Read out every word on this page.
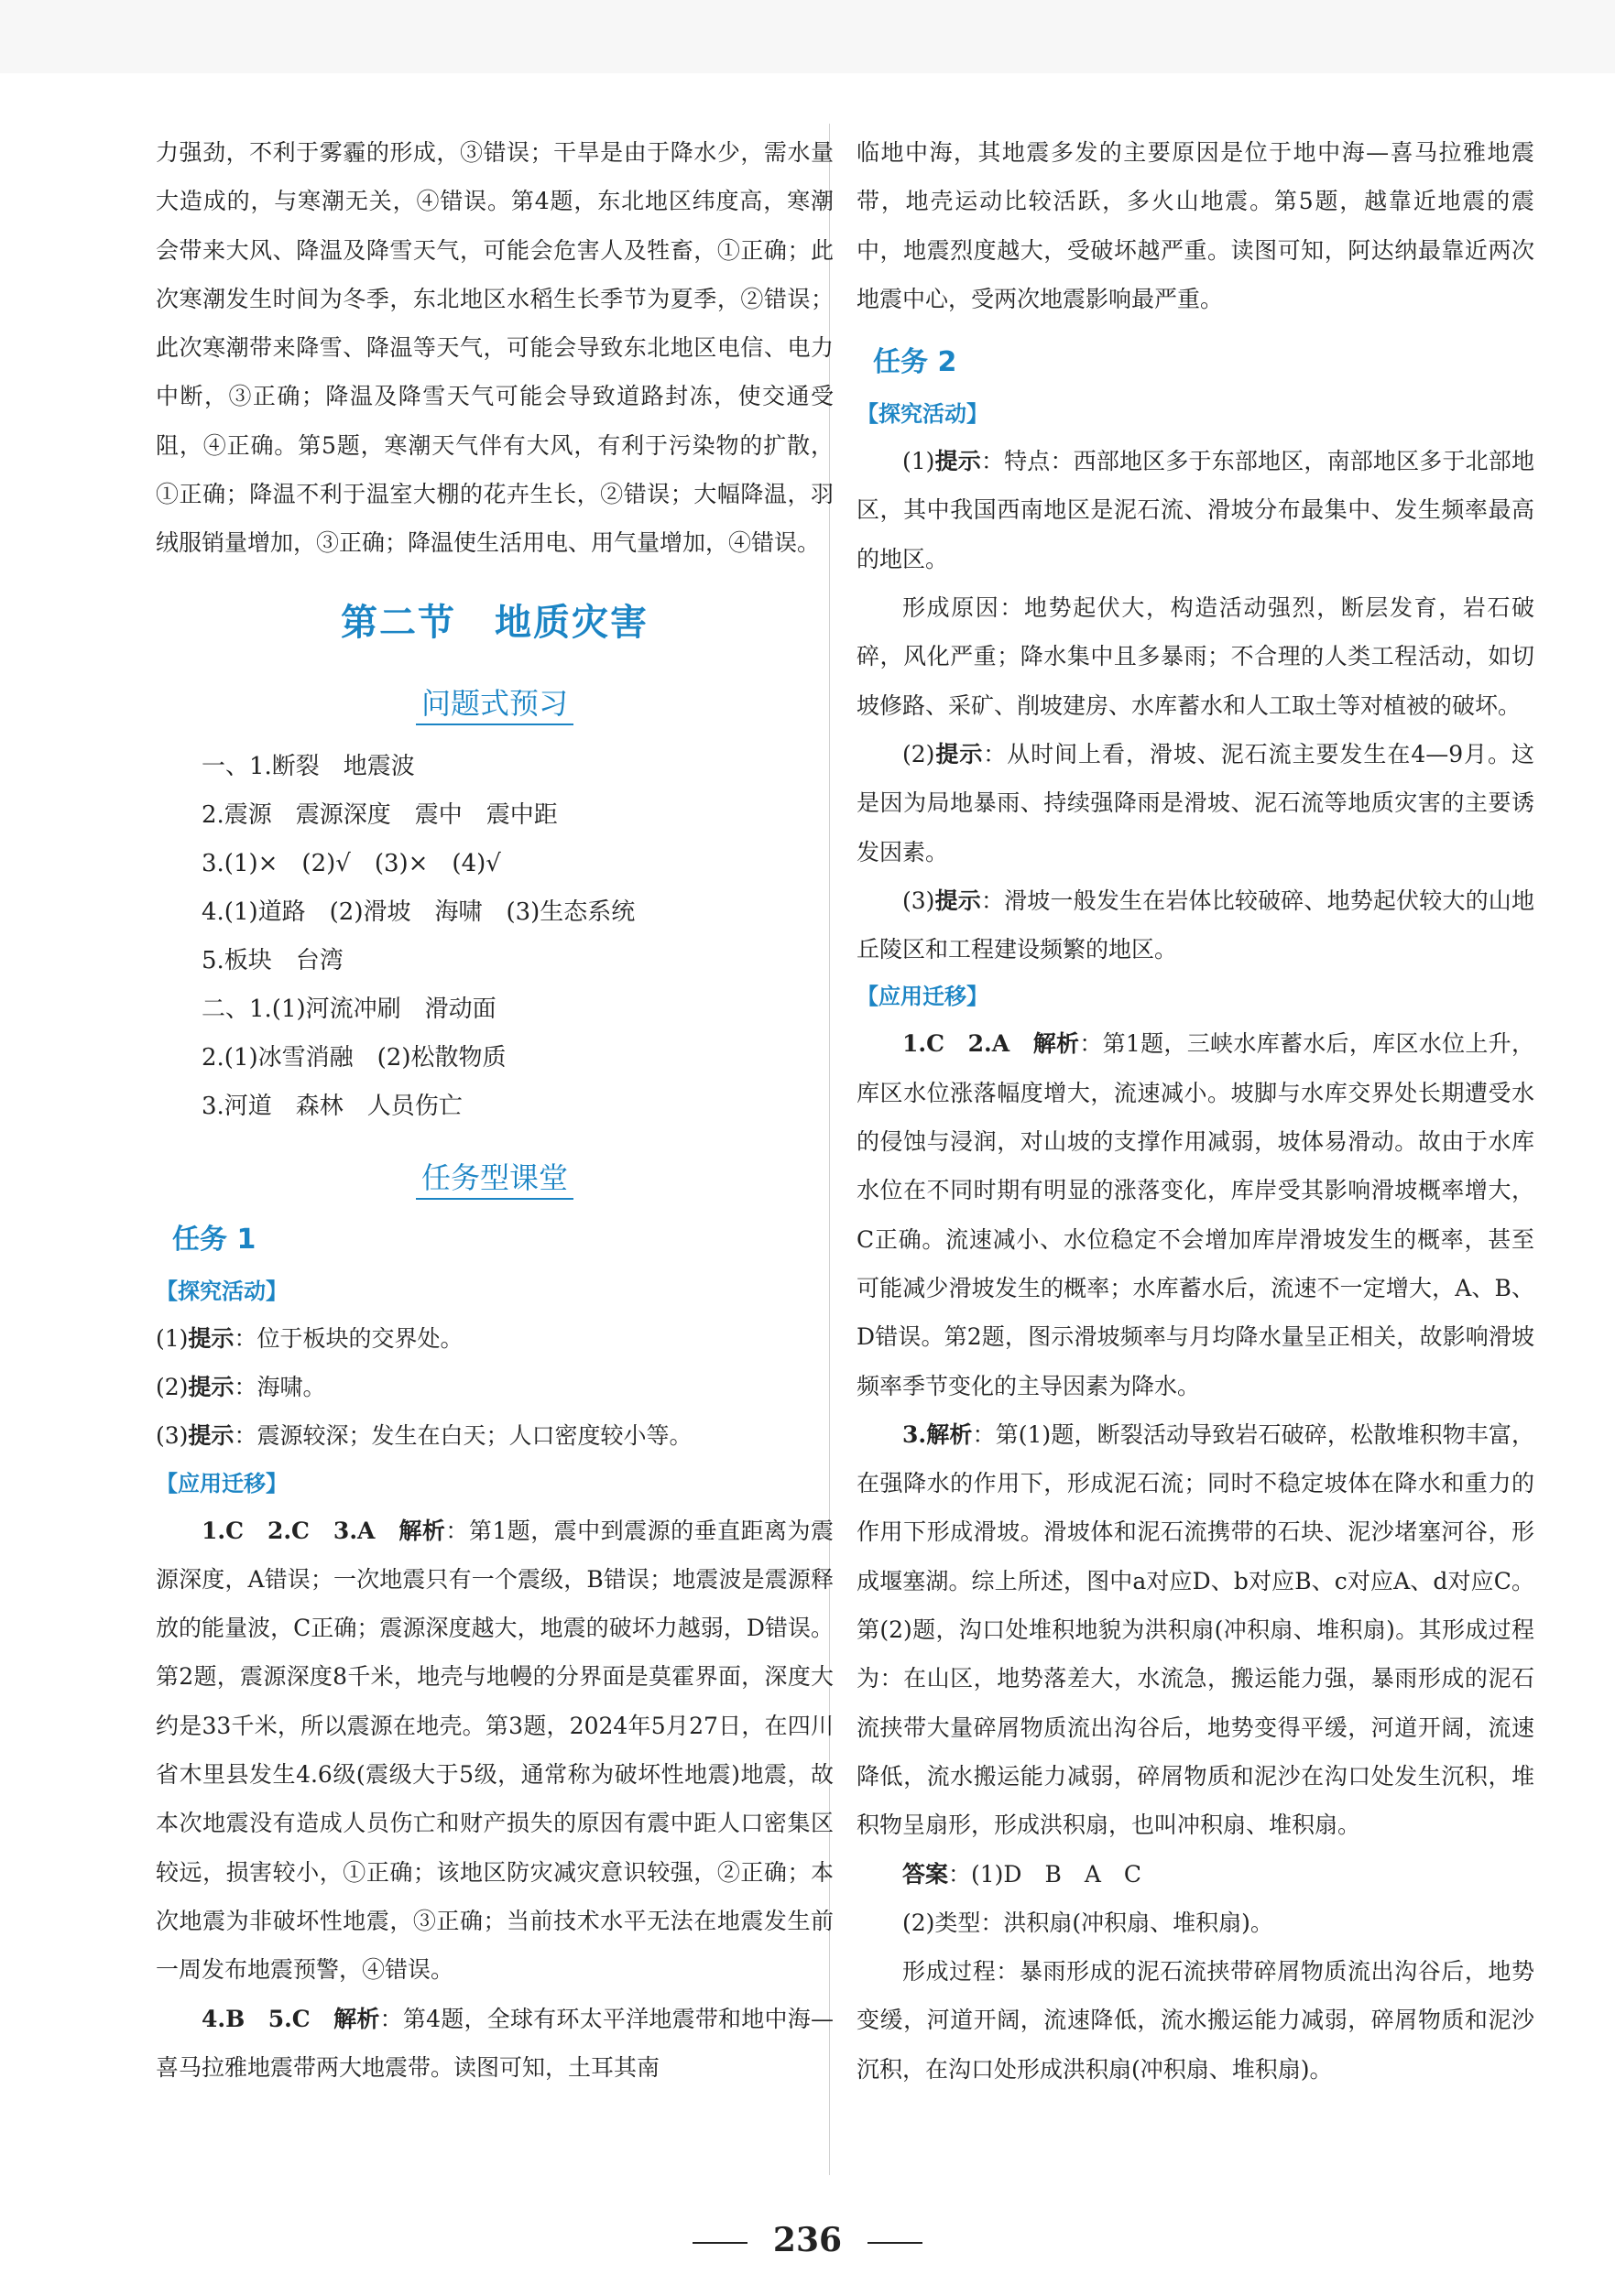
力强劲，不利于雾霾的形成，③错误；干旱是由于降水少，需水量大造成的，与寒潮无关，④错误。第4题，东北地区纬度高，寒潮会带来大风、降温及降雪天气，可能会危害人及牲畜，①正确；此次寒潮发生时间为冬季，东北地区水稻生长季节为夏季，②错误；此次寒潮带来降雪、降温等天气，可能会导致东北地区电信、电力中断，③正确；降温及降雪天气可能会导致道路封冻，使交通受阻，④正确。第5题，寒潮天气伴有大风，有利于污染物的扩散，①正确；降温不利于温室大棚的花卉生长，②错误；大幅降温，羽绒服销量增加，③正确；降温使生活用电、用气量增加，④错误。

第二节　地质灾害
问题式预习

一、1.断裂　地震波

2.震源　震源深度　震中　震中距

3.(1)×　(2)√　(3)×　(4)√

4.(1)道路　(2)滑坡　海啸　(3)生态系统

5.板块　台湾

二、1.(1)河流冲刷　滑动面

2.(1)冰雪消融　(2)松散物质

3.河道　森林　人员伤亡

任务型课堂
任务 1
【探究活动】

(1)提示：位于板块的交界处。

(2)提示：海啸。

(3)提示：震源较深；发生在白天；人口密度较小等。

【应用迁移】

1.C　2.C　3.A　解析：第1题，震中到震源的垂直距离为震源深度，A错误；一次地震只有一个震级，B错误；地震波是震源释放的能量波，C正确；震源深度越大，地震的破坏力越弱，D错误。第2题，震源深度8千米，地壳与地幔的分界面是莫霍界面，深度大约是33千米，所以震源在地壳。第3题，2024年5月27日，在四川省木里县发生4.6级(震级大于5级，通常称为破坏性地震)地震，故本次地震没有造成人员伤亡和财产损失的原因有震中距人口密集区较远，损害较小，①正确；该地区防灾减灾意识较强，②正确；本次地震为非破坏性地震，③正确；当前技术水平无法在地震发生前一周发布地震预警，④错误。

4.B　5.C　解析：第4题，全球有环太平洋地震带和地中海—喜马拉雅地震带两大地震带。读图可知，土耳其南

临地中海，其地震多发的主要原因是位于地中海—喜马拉雅地震带，地壳运动比较活跃，多火山地震。第5题，越靠近地震的震中，地震烈度越大，受破坏越严重。读图可知，阿达纳最靠近两次地震中心，受两次地震影响最严重。

任务 2
【探究活动】

(1)提示：特点：西部地区多于东部地区，南部地区多于北部地区，其中我国西南地区是泥石流、滑坡分布最集中、发生频率最高的地区。

形成原因：地势起伏大，构造活动强烈，断层发育，岩石破碎，风化严重；降水集中且多暴雨；不合理的人类工程活动，如切坡修路、采矿、削坡建房、水库蓄水和人工取土等对植被的破坏。

(2)提示：从时间上看，滑坡、泥石流主要发生在4—9月。这是因为局地暴雨、持续强降雨是滑坡、泥石流等地质灾害的主要诱发因素。

(3)提示：滑坡一般发生在岩体比较破碎、地势起伏较大的山地丘陵区和工程建设频繁的地区。

【应用迁移】

1.C　2.A　解析：第1题，三峡水库蓄水后，库区水位上升，库区水位涨落幅度增大，流速减小。坡脚与水库交界处长期遭受水的侵蚀与浸润，对山坡的支撑作用减弱，坡体易滑动。故由于水库水位在不同时期有明显的涨落变化，库岸受其影响滑坡概率增大，C正确。流速减小、水位稳定不会增加库岸滑坡发生的概率，甚至可能减少滑坡发生的概率；水库蓄水后，流速不一定增大，A、B、D错误。第2题，图示滑坡频率与月均降水量呈正相关，故影响滑坡频率季节变化的主导因素为降水。

3.解析：第(1)题，断裂活动导致岩石破碎，松散堆积物丰富，在强降水的作用下，形成泥石流；同时不稳定坡体在降水和重力的作用下形成滑坡。滑坡体和泥石流携带的石块、泥沙堵塞河谷，形成堰塞湖。综上所述，图中a对应D、b对应B、c对应A、d对应C。第(2)题，沟口处堆积地貌为洪积扇(冲积扇、堆积扇)。其形成过程为：在山区，地势落差大，水流急，搬运能力强，暴雨形成的泥石流挟带大量碎屑物质流出沟谷后，地势变得平缓，河道开阔，流速降低，流水搬运能力减弱，碎屑物质和泥沙在沟口处发生沉积，堆积物呈扇形，形成洪积扇，也叫冲积扇、堆积扇。

答案：(1)D　B　A　C

(2)类型：洪积扇(冲积扇、堆积扇)。

形成过程：暴雨形成的泥石流挟带碎屑物质流出沟谷后，地势变缓，河道开阔，流速降低，流水搬运能力减弱，碎屑物质和泥沙沉积，在沟口处形成洪积扇(冲积扇、堆积扇)。

236
